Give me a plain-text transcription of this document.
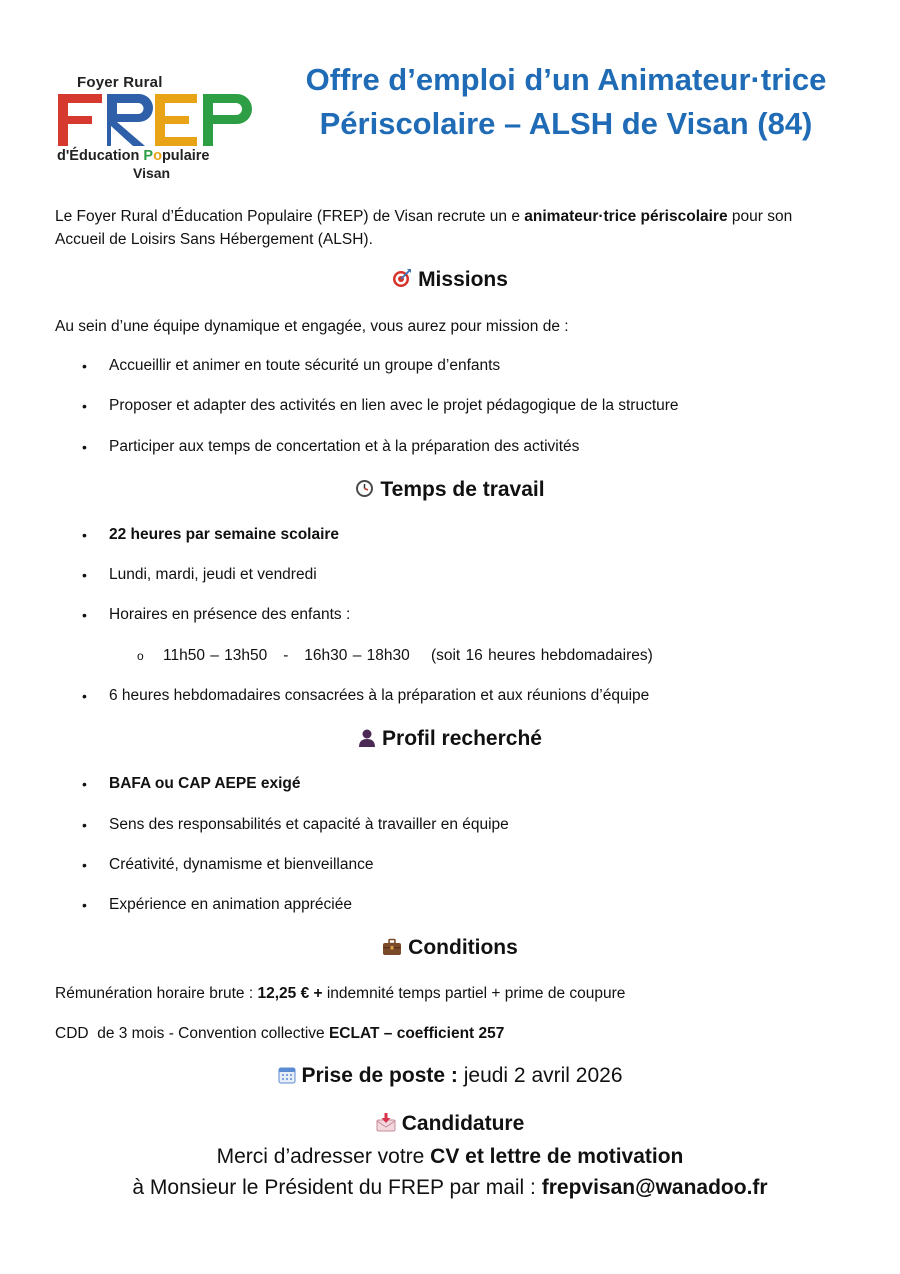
Foyer Rural
d'Éducation Populaire
Visan
Offre d’emploi d’un Animateur·trice
Périscolaire – ALSH de Visan (84)
Le Foyer Rural d’Éducation Populaire (FREP) de Visan recrute un e animateur·trice périscolaire pour son Accueil de Loisirs Sans Hébergement (ALSH).
Missions
Au sein d’une équipe dynamique et engagée, vous aurez pour mission de :
Accueillir et animer en toute sécurité un groupe d’enfants
Proposer et adapter des activités en lien avec le projet pédagogique de la structure
Participer aux temps de concertation et à la préparation des activités
Temps de travail
22 heures par semaine scolaire
Lundi, mardi, jeudi et vendredi
Horaires en présence des enfants :
o 11h50 – 13h50   -   16h30 – 18h30    (soit 16 heures hebdomadaires)
6 heures hebdomadaires consacrées à la préparation et aux réunions d’équipe
Profil recherché
BAFA ou CAP AEPE exigé
Sens des responsabilités et capacité à travailler en équipe
Créativité, dynamisme et bienveillance
Expérience en animation appréciée
Conditions
Rémunération horaire brute : 12,25 € + indemnité temps partiel + prime de coupure
CDD  de 3 mois - Convention collective ECLAT – coefficient 257
Prise de poste : jeudi 2 avril 2026
Candidature
Merci d’adresser votre CV et lettre de motivation
à Monsieur le Président du FREP par mail : frepvisan@wanadoo.fr
